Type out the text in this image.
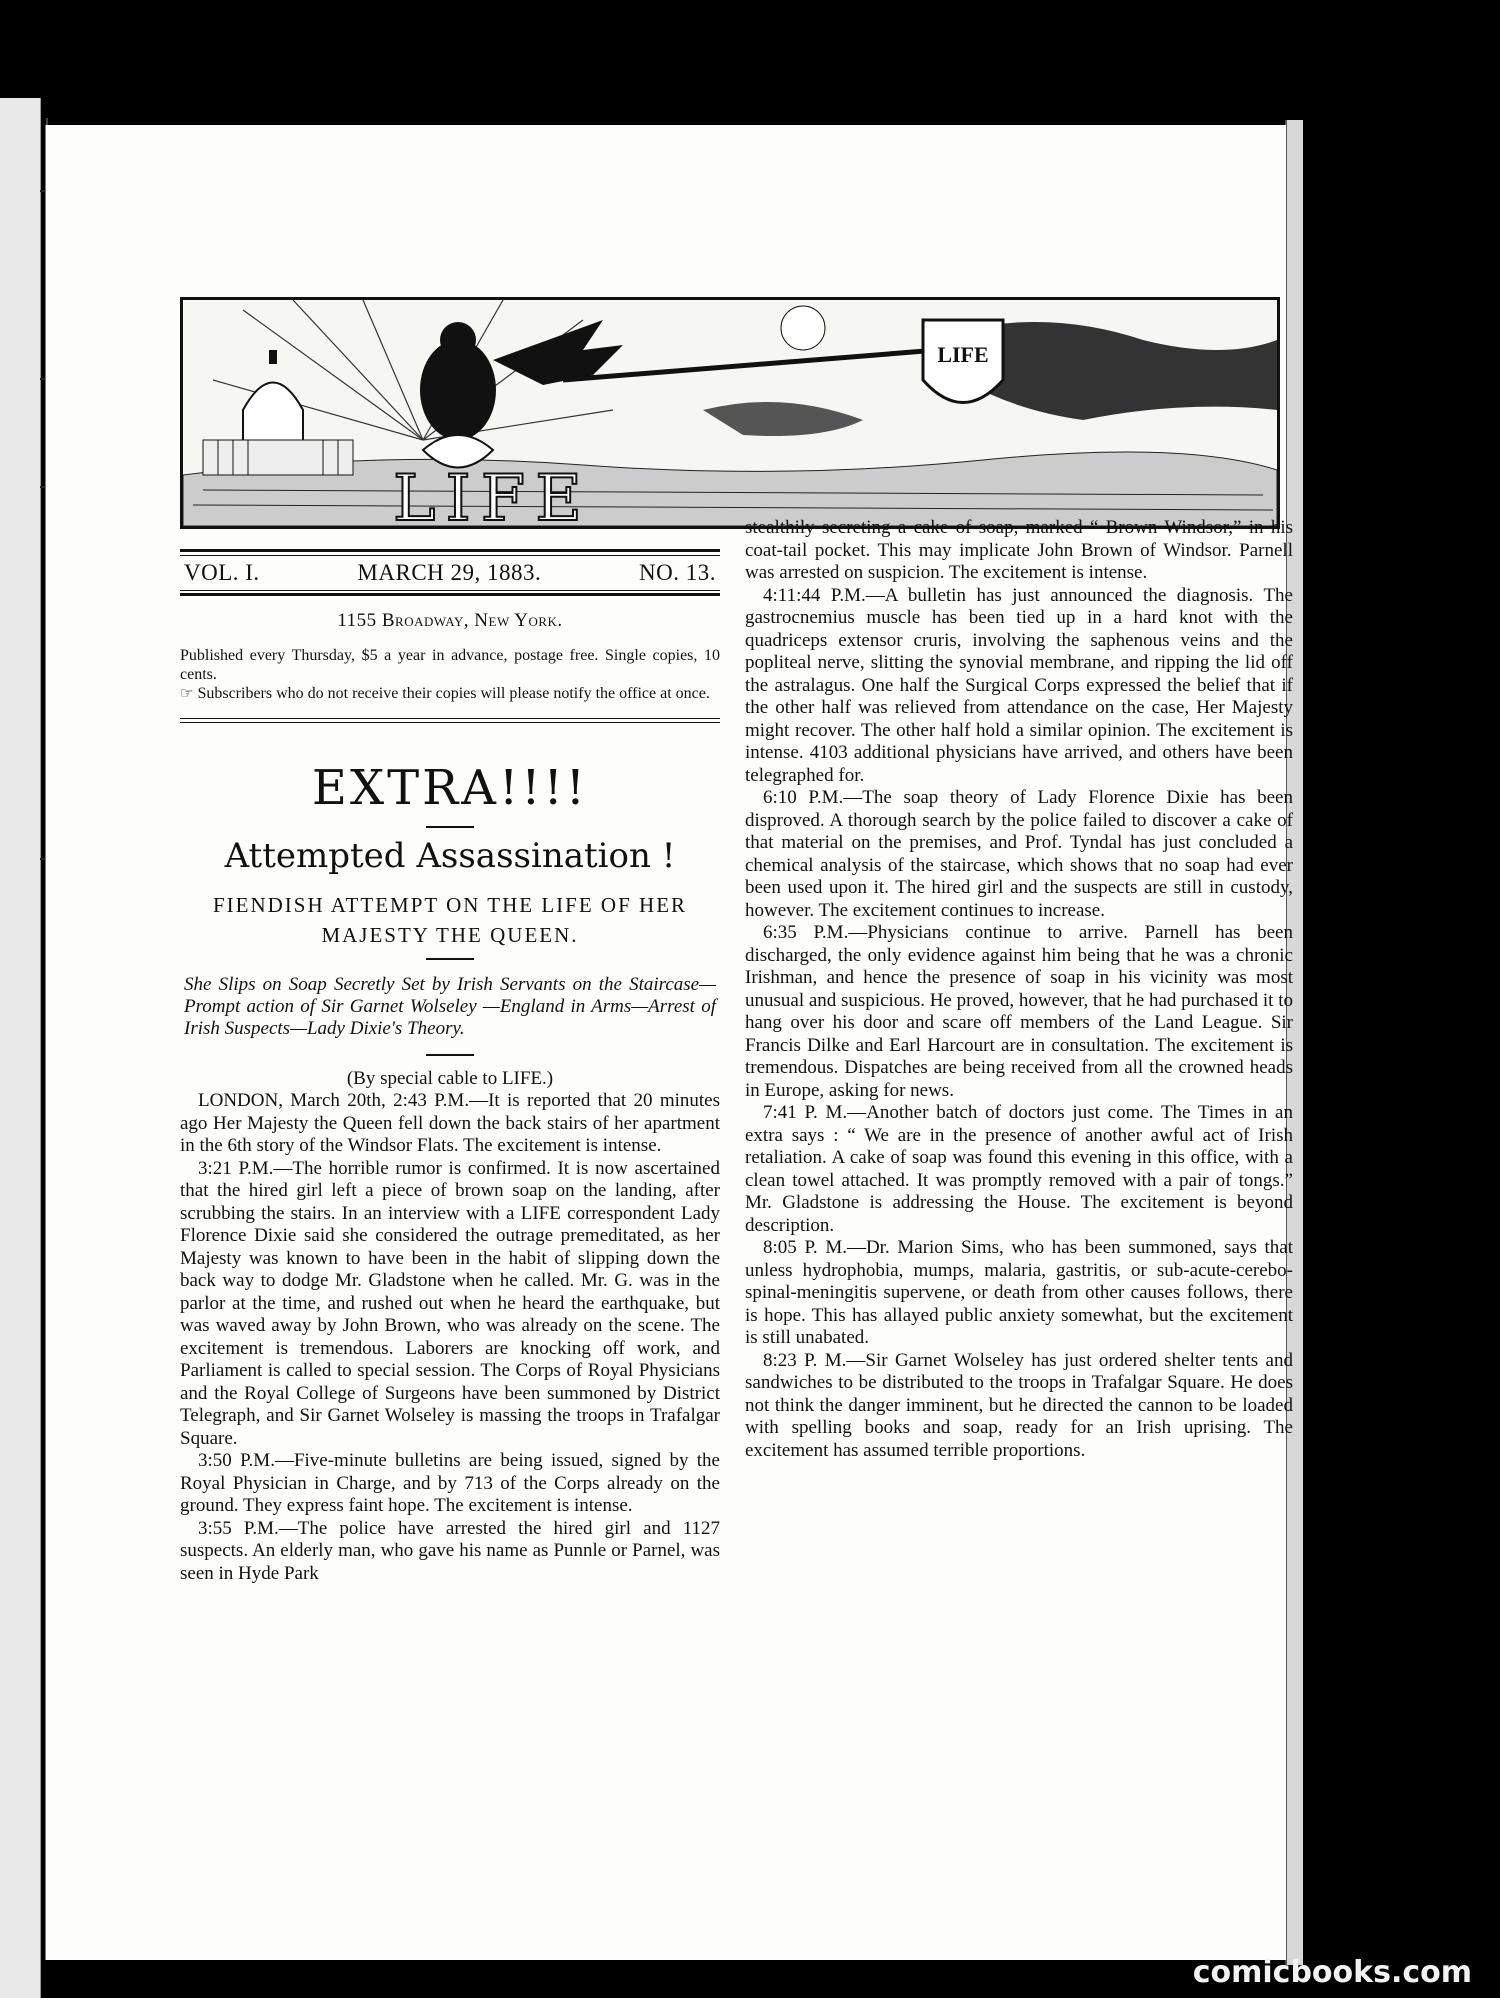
LIFE
LIFE
VOL. I.	MARCH 29, 1883.	NO. 13.
1155 Broadway, New York.
Published every Thursday, $5 a year in advance, postage free. Single copies, 10 cents.
☞ Subscribers who do not receive their copies will please notify the office at once.
EXTRA!!!!
Attempted Assassination !
FIENDISH ATTEMPT ON THE LIFE OF HER MAJESTY THE QUEEN.
She Slips on Soap Secretly Set by Irish Servants on the Staircase—Prompt action of Sir Garnet Wolseley —England in Arms—Arrest of Irish Suspects—Lady Dixie's Theory.
(By special cable to LIFE.)

LONDON, March 20th, 2:43 P.M.—It is reported that 20 minutes ago Her Majesty the Queen fell down the back stairs of her apartment in the 6th story of the Windsor Flats. The excitement is intense.

3:21 P.M.—The horrible rumor is confirmed. It is now ascertained that the hired girl left a piece of brown soap on the landing, after scrubbing the stairs. In an interview with a LIFE correspondent Lady Florence Dixie said she considered the outrage premeditated, as her Majesty was known to have been in the habit of slipping down the back way to dodge Mr. Gladstone when he called. Mr. G. was in the parlor at the time, and rushed out when he heard the earthquake, but was waved away by John Brown, who was already on the scene. The excitement is tremendous. Laborers are knocking off work, and Parliament is called to special session. The Corps of Royal Physicians and the Royal College of Surgeons have been summoned by District Telegraph, and Sir Garnet Wolseley is massing the troops in Trafalgar Square.

3:50 P.M.—Five-minute bulletins are being issued, signed by the Royal Physician in Charge, and by 713 of the Corps already on the ground. They express faint hope. The excitement is intense.

3:55 P.M.—The police have arrested the hired girl and 1127 suspects. An elderly man, who gave his name as Punnle or Parnel, was seen in Hyde Park

stealthily secreting a cake of soap, marked “ Brown Windsor,” in his coat-tail pocket. This may implicate John Brown of Windsor. Parnell was arrested on suspicion. The excitement is intense.

4:11:44 P.M.—A bulletin has just announced the diagnosis. The gastrocnemius muscle has been tied up in a hard knot with the quadriceps extensor cruris, involving the saphenous veins and the popliteal nerve, slitting the synovial membrane, and ripping the lid off the astralagus. One half the Surgical Corps expressed the belief that if the other half was relieved from attendance on the case, Her Majesty might recover. The other half hold a similar opinion. The excitement is intense. 4103 additional physicians have arrived, and others have been telegraphed for.

6:10 P.M.—The soap theory of Lady Florence Dixie has been disproved. A thorough search by the police failed to discover a cake of that material on the premises, and Prof. Tyndal has just concluded a chemical analysis of the staircase, which shows that no soap had ever been used upon it. The hired girl and the suspects are still in custody, however. The excitement continues to increase.

6:35 P.M.—Physicians continue to arrive. Parnell has been discharged, the only evidence against him being that he was a chronic Irishman, and hence the presence of soap in his vicinity was most unusual and suspicious. He proved, however, that he had purchased it to hang over his door and scare off members of the Land League. Sir Francis Dilke and Earl Harcourt are in consultation. The excitement is tremendous. Dispatches are being received from all the crowned heads in Europe, asking for news.

7:41 P. M.—Another batch of doctors just come. The Times in an extra says : “ We are in the presence of another awful act of Irish retaliation. A cake of soap was found this evening in this office, with a clean towel attached. It was promptly removed with a pair of tongs.” Mr. Gladstone is addressing the House. The excitement is beyond description.

8:05 P. M.—Dr. Marion Sims, who has been summoned, says that unless hydrophobia, mumps, malaria, gastritis, or sub-acute-cerebo-spinal-meningitis supervene, or death from other causes follows, there is hope. This has allayed public anxiety somewhat, but the excitement is still unabated.

8:23 P. M.—Sir Garnet Wolseley has just ordered shelter tents and sandwiches to be distributed to the troops in Trafalgar Square. He does not think the danger imminent, but he directed the cannon to be loaded with spelling books and soap, ready for an Irish uprising. The excitement has assumed terrible proportions.

comicbooks.com
